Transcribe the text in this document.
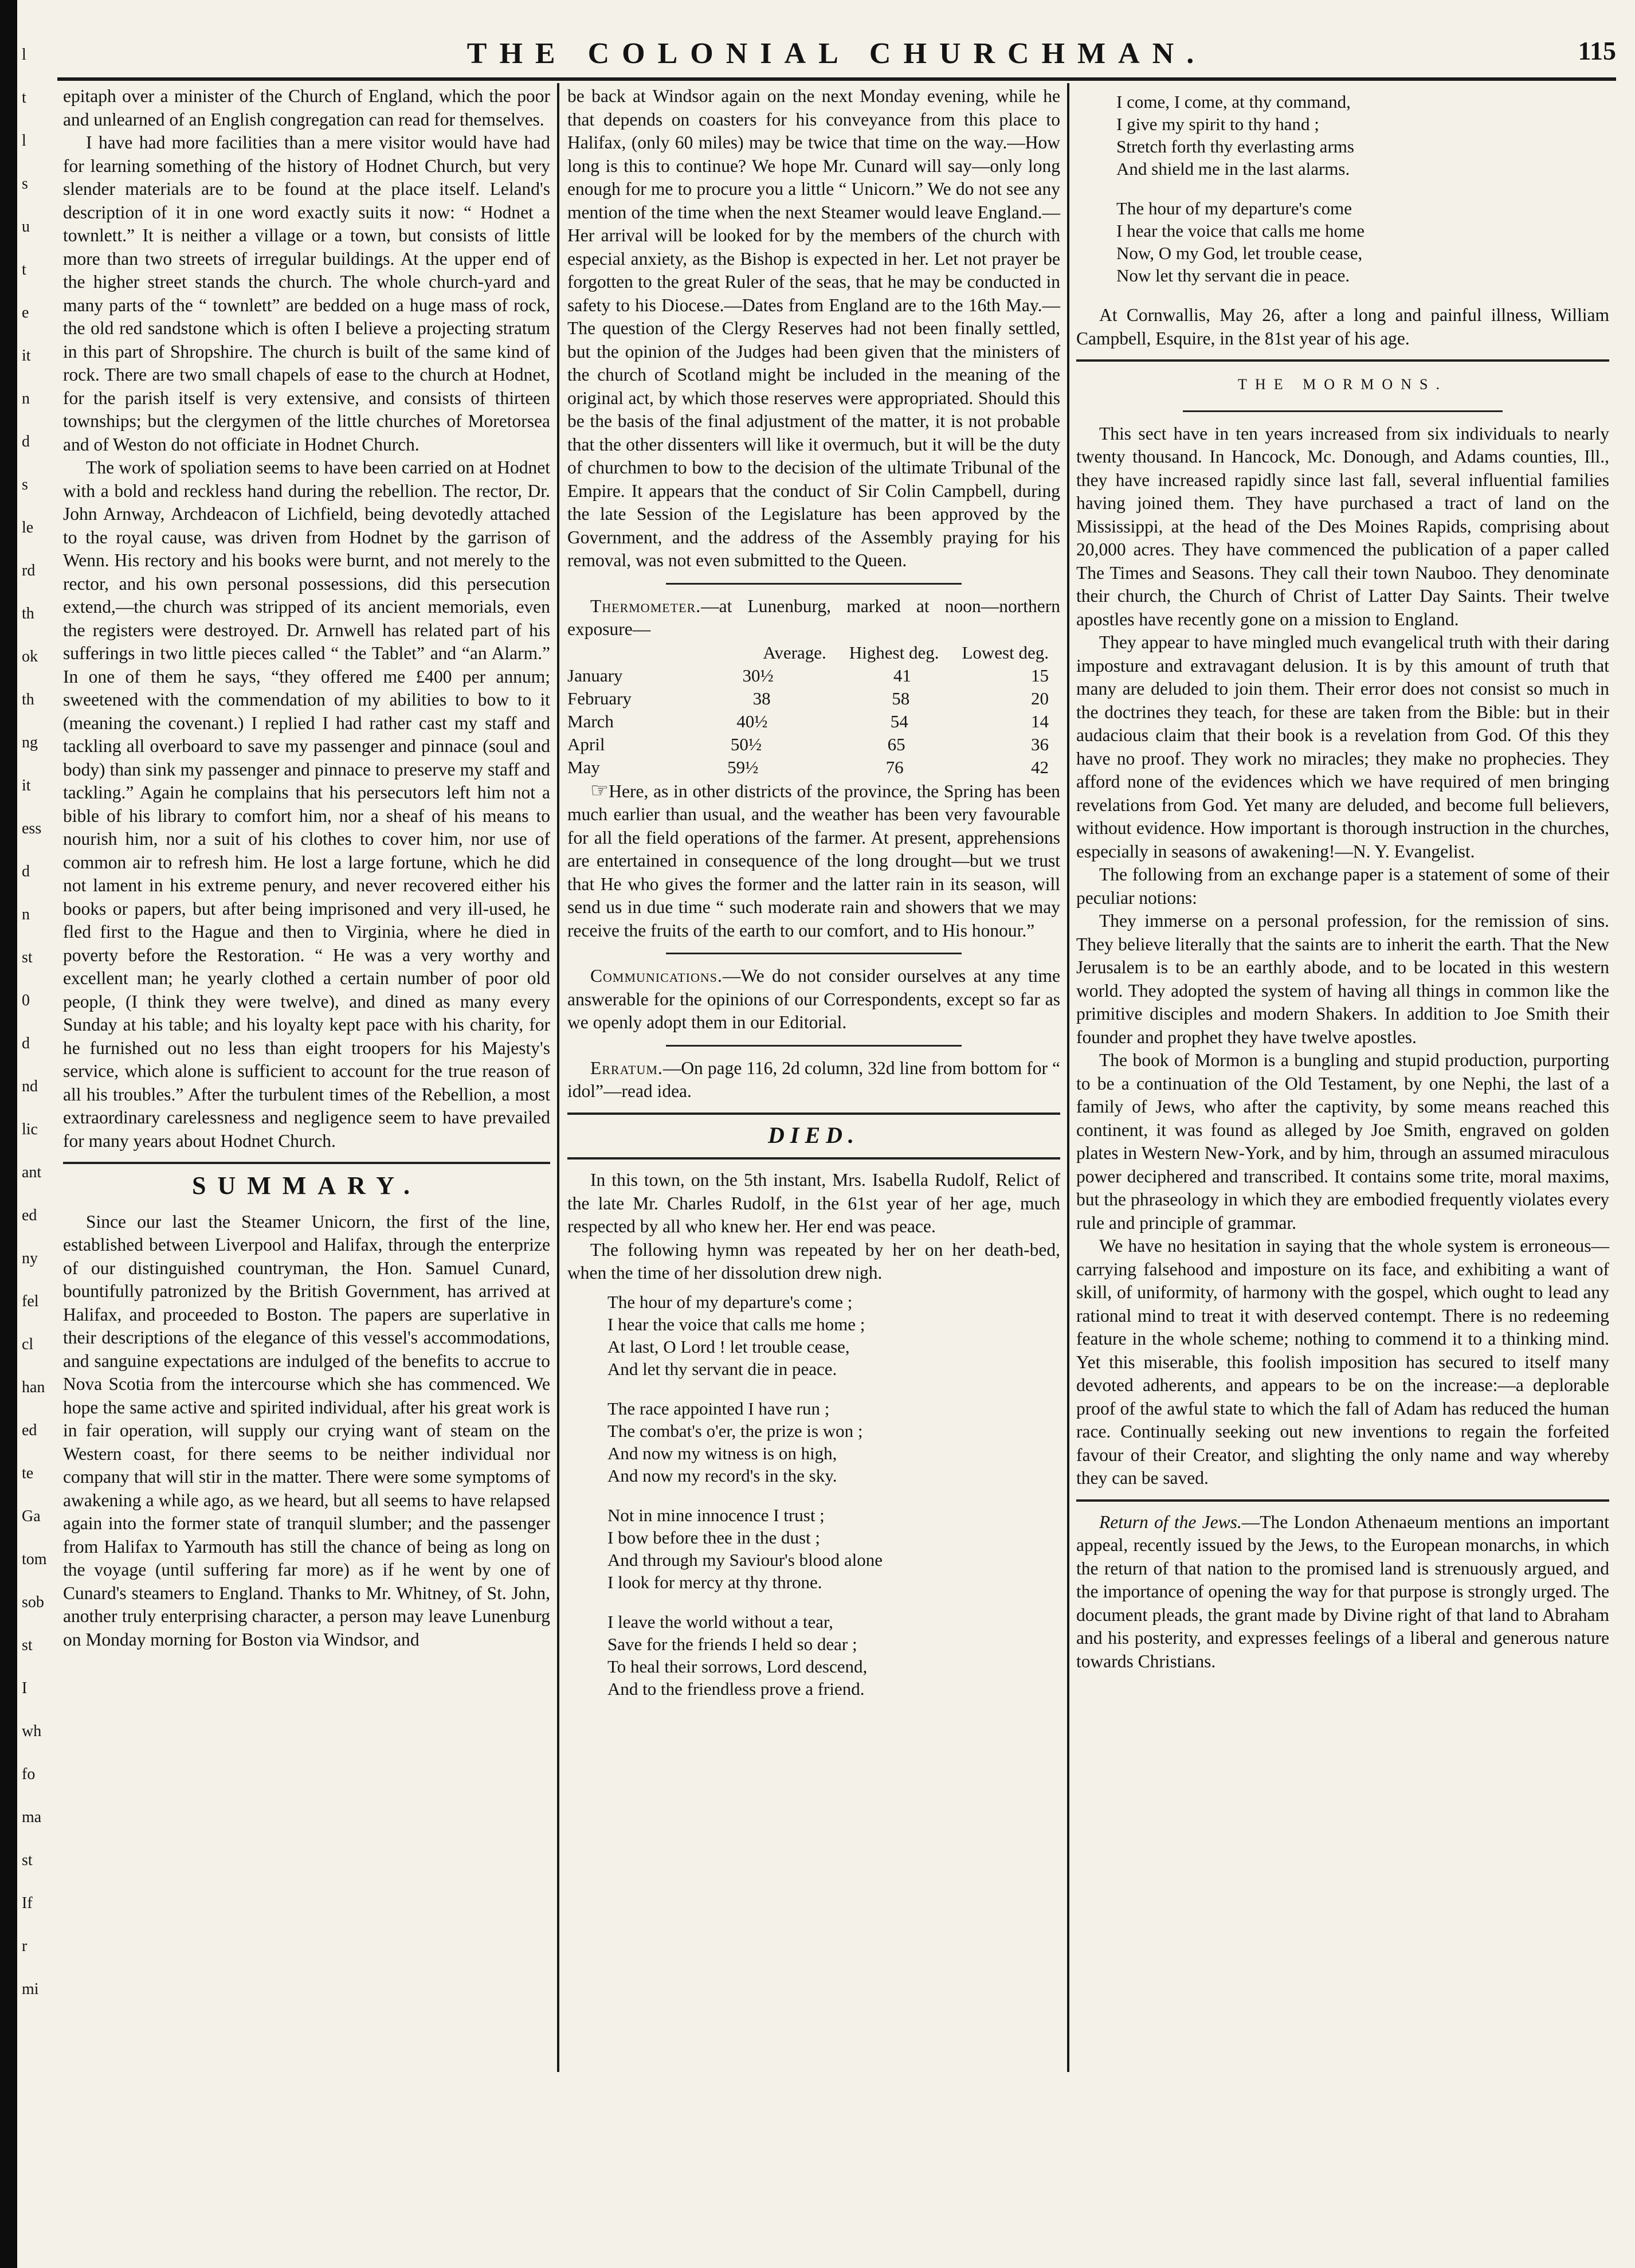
l
t
l
s
u
t
e
it
n
d
s
le
rd
th
ok
th
ng
it
ess
d
n
st
0
d
nd
lic
ant
ed
ny
fel
cl
han
ed
te
Ga
tom
sob
st
I
wh
fo
ma
st
If
r
mi
THE COLONIAL CHURCHMAN.	115

epitaph over a minister of the Church of England, which the poor and unlearned of an English congregation can read for themselves.

I have had more facilities than a mere visitor would have had for learning something of the history of Hodnet Church, but very slender materials are to be found at the place itself. Leland's description of it in one word exactly suits it now: “ Hodnet a townlett.” It is neither a village or a town, but consists of little more than two streets of irregular buildings. At the upper end of the higher street stands the church. The whole church-yard and many parts of the “ townlett” are bedded on a huge mass of rock, the old red sandstone which is often I believe a projecting stratum in this part of Shropshire. The church is built of the same kind of rock. There are two small chapels of ease to the church at Hodnet, for the parish itself is very extensive, and consists of thirteen townships; but the clergymen of the little churches of Moretorsea and of Weston do not officiate in Hodnet Church.

The work of spoliation seems to have been carried on at Hodnet with a bold and reckless hand during the rebellion. The rector, Dr. John Arnway, Archdeacon of Lichfield, being devotedly attached to the royal cause, was driven from Hodnet by the garrison of Wenn. His rectory and his books were burnt, and not merely to the rector, and his own personal possessions, did this persecution extend,—the church was stripped of its ancient memorials, even the registers were destroyed. Dr. Arnwell has related part of his sufferings in two little pieces called “ the Tablet” and “an Alarm.” In one of them he says, “they offered me £400 per annum; sweetened with the commendation of my abilities to bow to it (meaning the covenant.) I replied I had rather cast my staff and tackling all overboard to save my passenger and pinnace (soul and body) than sink my passenger and pinnace to preserve my staff and tackling.” Again he complains that his persecutors left him not a bible of his library to comfort him, nor a sheaf of his means to nourish him, nor a suit of his clothes to cover him, nor use of common air to refresh him. He lost a large fortune, which he did not lament in his extreme penury, and never recovered either his books or papers, but after being imprisoned and very ill-used, he fled first to the Hague and then to Virginia, where he died in poverty before the Restoration. “ He was a very worthy and excellent man; he yearly clothed a certain number of poor old people, (I think they were twelve), and dined as many every Sunday at his table; and his loyalty kept pace with his charity, for he furnished out no less than eight troopers for his Majesty's service, which alone is sufficient to account for the true reason of all his troubles.” After the turbulent times of the Rebellion, a most extraordinary carelessness and negligence seem to have prevailed for many years about Hodnet Church.

SUMMARY.

Since our last the Steamer Unicorn, the first of the line, established between Liverpool and Halifax, through the enterprize of our distinguished countryman, the Hon. Samuel Cunard, bountifully patronized by the British Government, has arrived at Halifax, and proceeded to Boston. The papers are superlative in their descriptions of the elegance of this vessel's accommodations, and sanguine expectations are indulged of the benefits to accrue to Nova Scotia from the intercourse which she has commenced. We hope the same active and spirited individual, after his great work is in fair operation, will supply our crying want of steam on the Western coast, for there seems to be neither individual nor company that will stir in the matter. There were some symptoms of awakening a while ago, as we heard, but all seems to have relapsed again into the former state of tranquil slumber; and the passenger from Halifax to Yarmouth has still the chance of being as long on the voyage (until suffering far more) as if he went by one of Cunard's steamers to England. Thanks to Mr. Whitney, of St. John, another truly enterprising character, a person may leave Lunenburg on Monday morning for Boston via Windsor, and

be back at Windsor again on the next Monday evening, while he that depends on coasters for his conveyance from this place to Halifax, (only 60 miles) may be twice that time on the way.—How long is this to continue? We hope Mr. Cunard will say—only long enough for me to procure you a little “ Unicorn.” We do not see any mention of the time when the next Steamer would leave England.—Her arrival will be looked for by the members of the church with especial anxiety, as the Bishop is expected in her. Let not prayer be forgotten to the great Ruler of the seas, that he may be conducted in safety to his Diocese.—Dates from England are to the 16th May.—The question of the Clergy Reserves had not been finally settled, but the opinion of the Judges had been given that the ministers of the church of Scotland might be included in the meaning of the original act, by which those reserves were appropriated. Should this be the basis of the final adjustment of the matter, it is not probable that the other dissenters will like it overmuch, but it will be the duty of churchmen to bow to the decision of the ultimate Tribunal of the Empire. It appears that the conduct of Sir Colin Campbell, during the late Session of the Legislature has been approved by the Government, and the address of the Assembly praying for his removal, was not even submitted to the Queen.

Thermometer.—at Lunenburg, marked at noon—northern exposure—

Average. Highest deg. Lowest deg.
January	30½	41	15
February	38	58	20
March	40½	54	14
April	50½	65	36
May	59½	76	42

☞Here, as in other districts of the province, the Spring has been much earlier than usual, and the weather has been very favourable for all the field operations of the farmer. At present, apprehensions are entertained in consequence of the long drought—but we trust that He who gives the former and the latter rain in its season, will send us in due time “ such moderate rain and showers that we may receive the fruits of the earth to our comfort, and to His honour.”

Communications.—We do not consider ourselves at any time answerable for the opinions of our Correspondents, except so far as we openly adopt them in our Editorial.

Erratum.—On page 116, 2d column, 32d line from bottom for “ idol”—read idea.

DIED.

In this town, on the 5th instant, Mrs. Isabella Rudolf, Relict of the late Mr. Charles Rudolf, in the 61st year of her age, much respected by all who knew her. Her end was peace.

The following hymn was repeated by her on her death-bed, when the time of her dissolution drew nigh.

The hour of my departure's come ;
I hear the voice that calls me home ;
At last, O Lord ! let trouble cease,
And let thy servant die in peace.
The race appointed I have run ;
The combat's o'er, the prize is won ;
And now my witness is on high,
And now my record's in the sky.
Not in mine innocence I trust ;
I bow before thee in the dust ;
And through my Saviour's blood alone
I look for mercy at thy throne.
I leave the world without a tear,
Save for the friends I held so dear ;
To heal their sorrows, Lord descend,
And to the friendless prove a friend.
I come, I come, at thy command,
I give my spirit to thy hand ;
Stretch forth thy everlasting arms
And shield me in the last alarms.
The hour of my departure's come
I hear the voice that calls me home
Now, O my God, let trouble cease,
Now let thy servant die in peace.

At Cornwallis, May 26, after a long and painful illness, William Campbell, Esquire, in the 81st year of his age.

THE MORMONS.

This sect have in ten years increased from six individuals to nearly twenty thousand. In Hancock, Mc. Donough, and Adams counties, Ill., they have increased rapidly since last fall, several influential families having joined them. They have purchased a tract of land on the Mississippi, at the head of the Des Moines Rapids, comprising about 20,000 acres. They have commenced the publication of a paper called The Times and Seasons. They call their town Nauboo. They denominate their church, the Church of Christ of Latter Day Saints. Their twelve apostles have recently gone on a mission to England.

They appear to have mingled much evangelical truth with their daring imposture and extravagant delusion. It is by this amount of truth that many are deluded to join them. Their error does not consist so much in the doctrines they teach, for these are taken from the Bible: but in their audacious claim that their book is a revelation from God. Of this they have no proof. They work no miracles; they make no prophecies. They afford none of the evidences which we have required of men bringing revelations from God. Yet many are deluded, and become full believers, without evidence. How important is thorough instruction in the churches, especially in seasons of awakening!—N. Y. Evangelist.

The following from an exchange paper is a statement of some of their peculiar notions:

They immerse on a personal profession, for the remission of sins. They believe literally that the saints are to inherit the earth. That the New Jerusalem is to be an earthly abode, and to be located in this western world. They adopted the system of having all things in common like the primitive disciples and modern Shakers. In addition to Joe Smith their founder and prophet they have twelve apostles.

The book of Mormon is a bungling and stupid production, purporting to be a continuation of the Old Testament, by one Nephi, the last of a family of Jews, who after the captivity, by some means reached this continent, it was found as alleged by Joe Smith, engraved on golden plates in Western New-York, and by him, through an assumed miraculous power deciphered and transcribed. It contains some trite, moral maxims, but the phraseology in which they are embodied frequently violates every rule and principle of grammar.

We have no hesitation in saying that the whole system is erroneous—carrying falsehood and imposture on its face, and exhibiting a want of skill, of uniformity, of harmony with the gospel, which ought to lead any rational mind to treat it with deserved contempt. There is no redeeming feature in the whole scheme; nothing to commend it to a thinking mind. Yet this miserable, this foolish imposition has secured to itself many devoted adherents, and appears to be on the increase:—a deplorable proof of the awful state to which the fall of Adam has reduced the human race. Continually seeking out new inventions to regain the forfeited favour of their Creator, and slighting the only name and way whereby they can be saved.

Return of the Jews.—The London Athenaeum mentions an important appeal, recently issued by the Jews, to the European monarchs, in which the return of that nation to the promised land is strenuously argued, and the importance of opening the way for that purpose is strongly urged. The document pleads, the grant made by Divine right of that land to Abraham and his posterity, and expresses feelings of a liberal and generous nature towards Christians.
